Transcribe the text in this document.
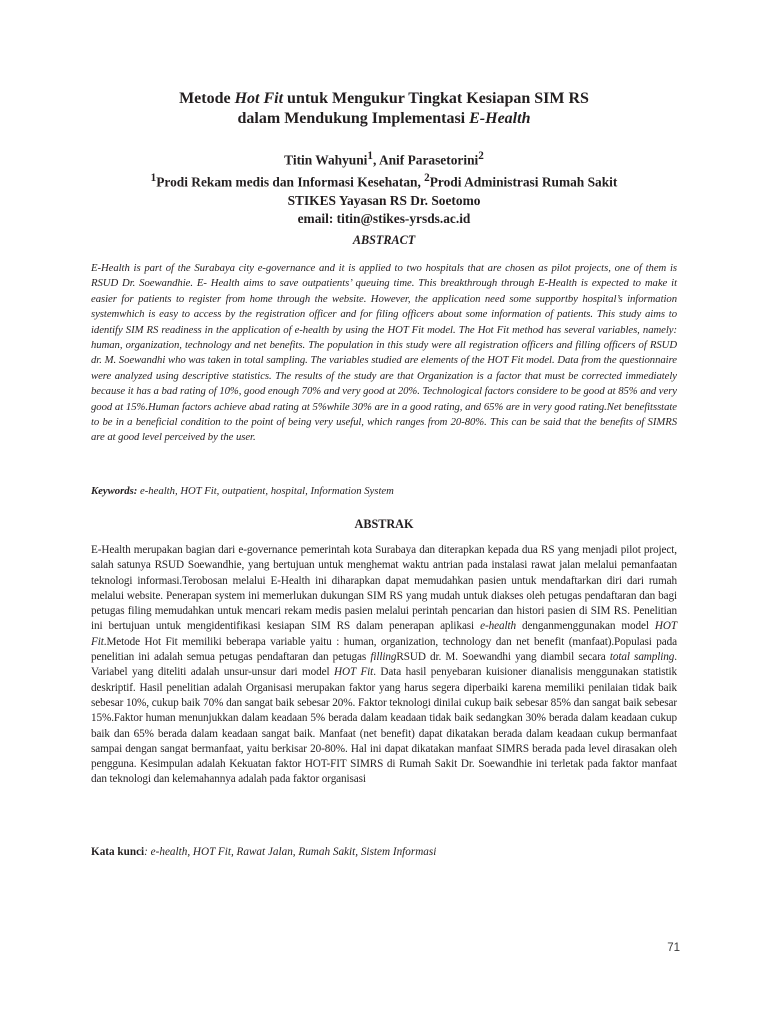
Metode Hot Fit untuk Mengukur Tingkat Kesiapan SIM RS
dalam Mendukung Implementasi E-Health
Titin Wahyuni$^1$, Anif Parasetorini$^2$
$^1$Prodi Rekam medis dan Informasi Kesehatan, $^2$Prodi Administrasi Rumah Sakit
STIKES Yayasan RS Dr. Soetomo
email: titin@stikes-yrsds.ac.id
ABSTRACT
E-Health is part of the Surabaya city e-governance and it is applied to two hospitals that are chosen as pilot projects, one of them is RSUD Dr. Soewandhie. E- Health aims to save outpatients’ queuing time. This breakthrough through E-Health is expected to make it easier for patients to register from home through the website. However, the application need some supportby hospital’s information systemwhich is easy to access by the registration officer and for filing officers about some information of patients. This study aims to identify SIM RS readiness in the application of e-health by using the HOT Fit model. The Hot Fit method has several variables, namely: human, organization, technology and net benefits. The population in this study were all registration officers and filling officers of RSUD dr. M. Soewandhi who was taken in total sampling. The variables studied are elements of the HOT Fit model. Data from the questionnaire were analyzed using descriptive statistics. The results of the study are that Organization is a factor that must be corrected immediately because it has a bad rating of 10%, good enough 70% and very good at 20%. Technological factors considere to be good at 85% and very good at 15%.Human factors achieve abad rating at 5%while 30% are in a good rating, and 65% are in very good rating.Net benefitsstate to be in a beneficial condition to the point of being very useful, which ranges from 20-80%. This can be said that the benefits of SIMRS are at good level perceived by the user.
Keywords: e-health, HOT Fit, outpatient, hospital, Information System
ABSTRAK
E-Health merupakan bagian dari e-governance pemerintah kota Surabaya dan diterapkan kepada dua RS yang menjadi pilot project, salah satunya RSUD Soewandhie, yang bertujuan untuk menghemat waktu antrian pada instalasi rawat jalan melalui pemanfaatan teknologi informasi.Terobosan melalui E-Health ini diharapkan dapat memudahkan pasien untuk mendaftarkan diri dari rumah melalui website. Penerapan system ini memerlukan dukungan SIM RS yang mudah untuk diakses oleh petugas pendaftaran dan bagi petugas filing memudahkan untuk mencari rekam medis pasien melalui perintah pencarian dan histori pasien di SIM RS. Penelitian ini bertujuan untuk mengidentifikasi kesiapan SIM RS dalam penerapan aplikasi e-health denganmenggunakan model HOT Fit.Metode Hot Fit memiliki beberapa variable yaitu : human, organization, technology dan net benefit (manfaat).Populasi pada penelitian ini adalah semua petugas pendaftaran dan petugas fillingRSUD dr. M. Soewandhi yang diambil secara total sampling. Variabel yang diteliti adalah unsur-unsur dari model HOT Fit. Data hasil penyebaran kuisioner dianalisis menggunakan statistik deskriptif. Hasil penelitian adalah Organisasi merupakan faktor yang harus segera diperbaiki karena memiliki penilaian tidak baik sebesar 10%, cukup baik 70% dan sangat baik sebesar 20%. Faktor teknologi dinilai cukup baik sebesar 85% dan sangat baik sebesar 15%.Faktor human menunjukkan dalam keadaan 5% berada dalam keadaan tidak baik sedangkan 30% berada dalam keadaan cukup baik dan 65% berada dalam keadaan sangat baik. Manfaat (net benefit) dapat dikatakan berada dalam keadaan cukup bermanfaat sampai dengan sangat bermanfaat, yaitu berkisar 20-80%. Hal ini dapat dikatakan manfaat SIMRS berada pada level dirasakan oleh pengguna. Kesimpulan adalah Kekuatan faktor HOT-FIT SIMRS di Rumah Sakit Dr. Soewandhie ini terletak pada faktor manfaat dan teknologi dan kelemahannya adalah pada faktor organisasi
Kata kunci: e-health, HOT Fit, Rawat Jalan, Rumah Sakit, Sistem Informasi
71
